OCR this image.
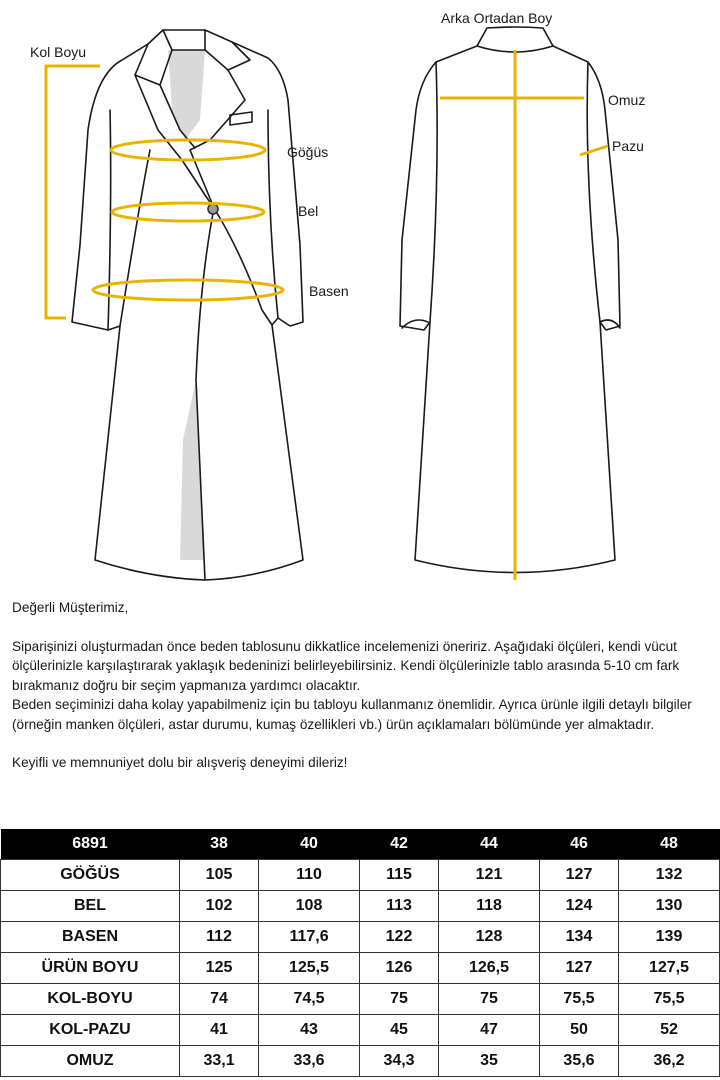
Kol Boyu
Göğüs
Bel
Basen
Arka Ortadan Boy
Omuz
Pazu

Değerli Müşterimiz,

Siparişinizi oluşturmadan önce beden tablosunu dikkatlice incelemenizi öneririz. Aşağıdaki ölçüleri, kendi vücut ölçülerinizle karşılaştırarak yaklaşık bedeninizi belirleyebilirsiniz. Kendi ölçülerinizle tablo arasında 5-10 cm fark bırakmanız doğru bir seçim yapmanıza yardımcı olacaktır.

Beden seçiminizi daha kolay yapabilmeniz için bu tabloyu kullanmanız önemlidir. Ayrıca ürünle ilgili detaylı bilgiler (örneğin manken ölçüleri, astar durumu, kumaş özellikleri vb.) ürün açıklamaları bölümünde yer almaktadır.

Keyifli ve memnuniyet dolu bir alışveriş deneyimi dileriz!

6891	38	40	42	44	46	48
GÖĞÜS	105	110	115	121	127	132
BEL	102	108	113	118	124	130
BASEN	112	117,6	122	128	134	139
ÜRÜN BOYU	125	125,5	126	126,5	127	127,5
KOL-BOYU	74	74,5	75	75	75,5	75,5
KOL-PAZU	41	43	45	47	50	52
OMUZ	33,1	33,6	34,3	35	35,6	36,2
